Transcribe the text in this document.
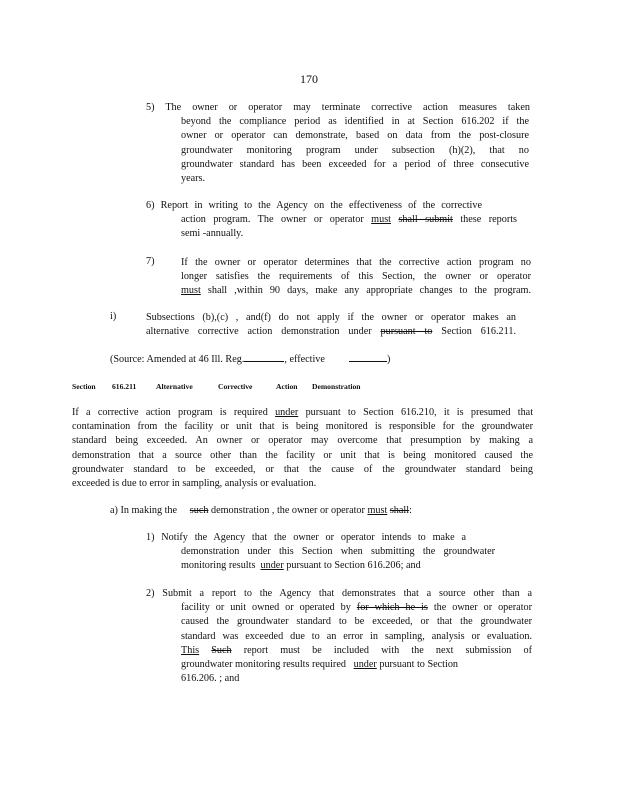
170
5) The owner or operator may terminate corrective action measures taken
beyond the compliance period as identified in at Section 616.202 if the
owner or operator can demonstrate, based on data from the post-closure
groundwater monitoring program under subsection (h)(2), that no
groundwater standard has been exceeded for a period of three consecutive
years.
6) Report in writing to the Agency on the effectiveness of the corrective
action program. The owner or operator must shall submit these reports
semi -annually.
7)	If the owner or operator determines that the corrective action program no
longer satisfies the requirements of this Section, the owner or operator
must shall ,within 90 days, make any appropriate changes to the program.
i)	Subsections (b),(c) , and(f) do not apply if the owner or operator makes an
alternative corrective action demonstration under pursuant to Section 616.211.
(Source: Amended at 46 Ill. Reg.	, effective	)
Section 616.211	Alternative	Corrective	Action Demonstration
If a corrective action program is required under pursuant to Section 616.210, it is presumed that
contamination from the facility or unit that is being monitored is responsible for the groundwater
standard being exceeded. An owner or operator may overcome that presumption by making a
demonstration that a source other than the facility or unit that is being monitored caused the
groundwater standard to be exceeded, or that the cause of the groundwater standard being
exceeded is due to error in sampling, analysis or evaluation.
a) In making the such demonstration , the owner or operator must shall:
1) Notify the Agency that the owner or operator intends to make a
demonstration under this Section when submitting the groundwater
monitoring results under pursuant to Section 616.206; and
2) Submit a report to the Agency that demonstrates that a source other than a
facility or unit owned or operated by for which he is the owner or operator
caused the groundwater standard to be exceeded, or that the groundwater
standard was exceeded due to an error in sampling, analysis or evaluation.
This Such report must be included with the next submission of
groundwater monitoring results required under pursuant to Section
616.206. ; and
